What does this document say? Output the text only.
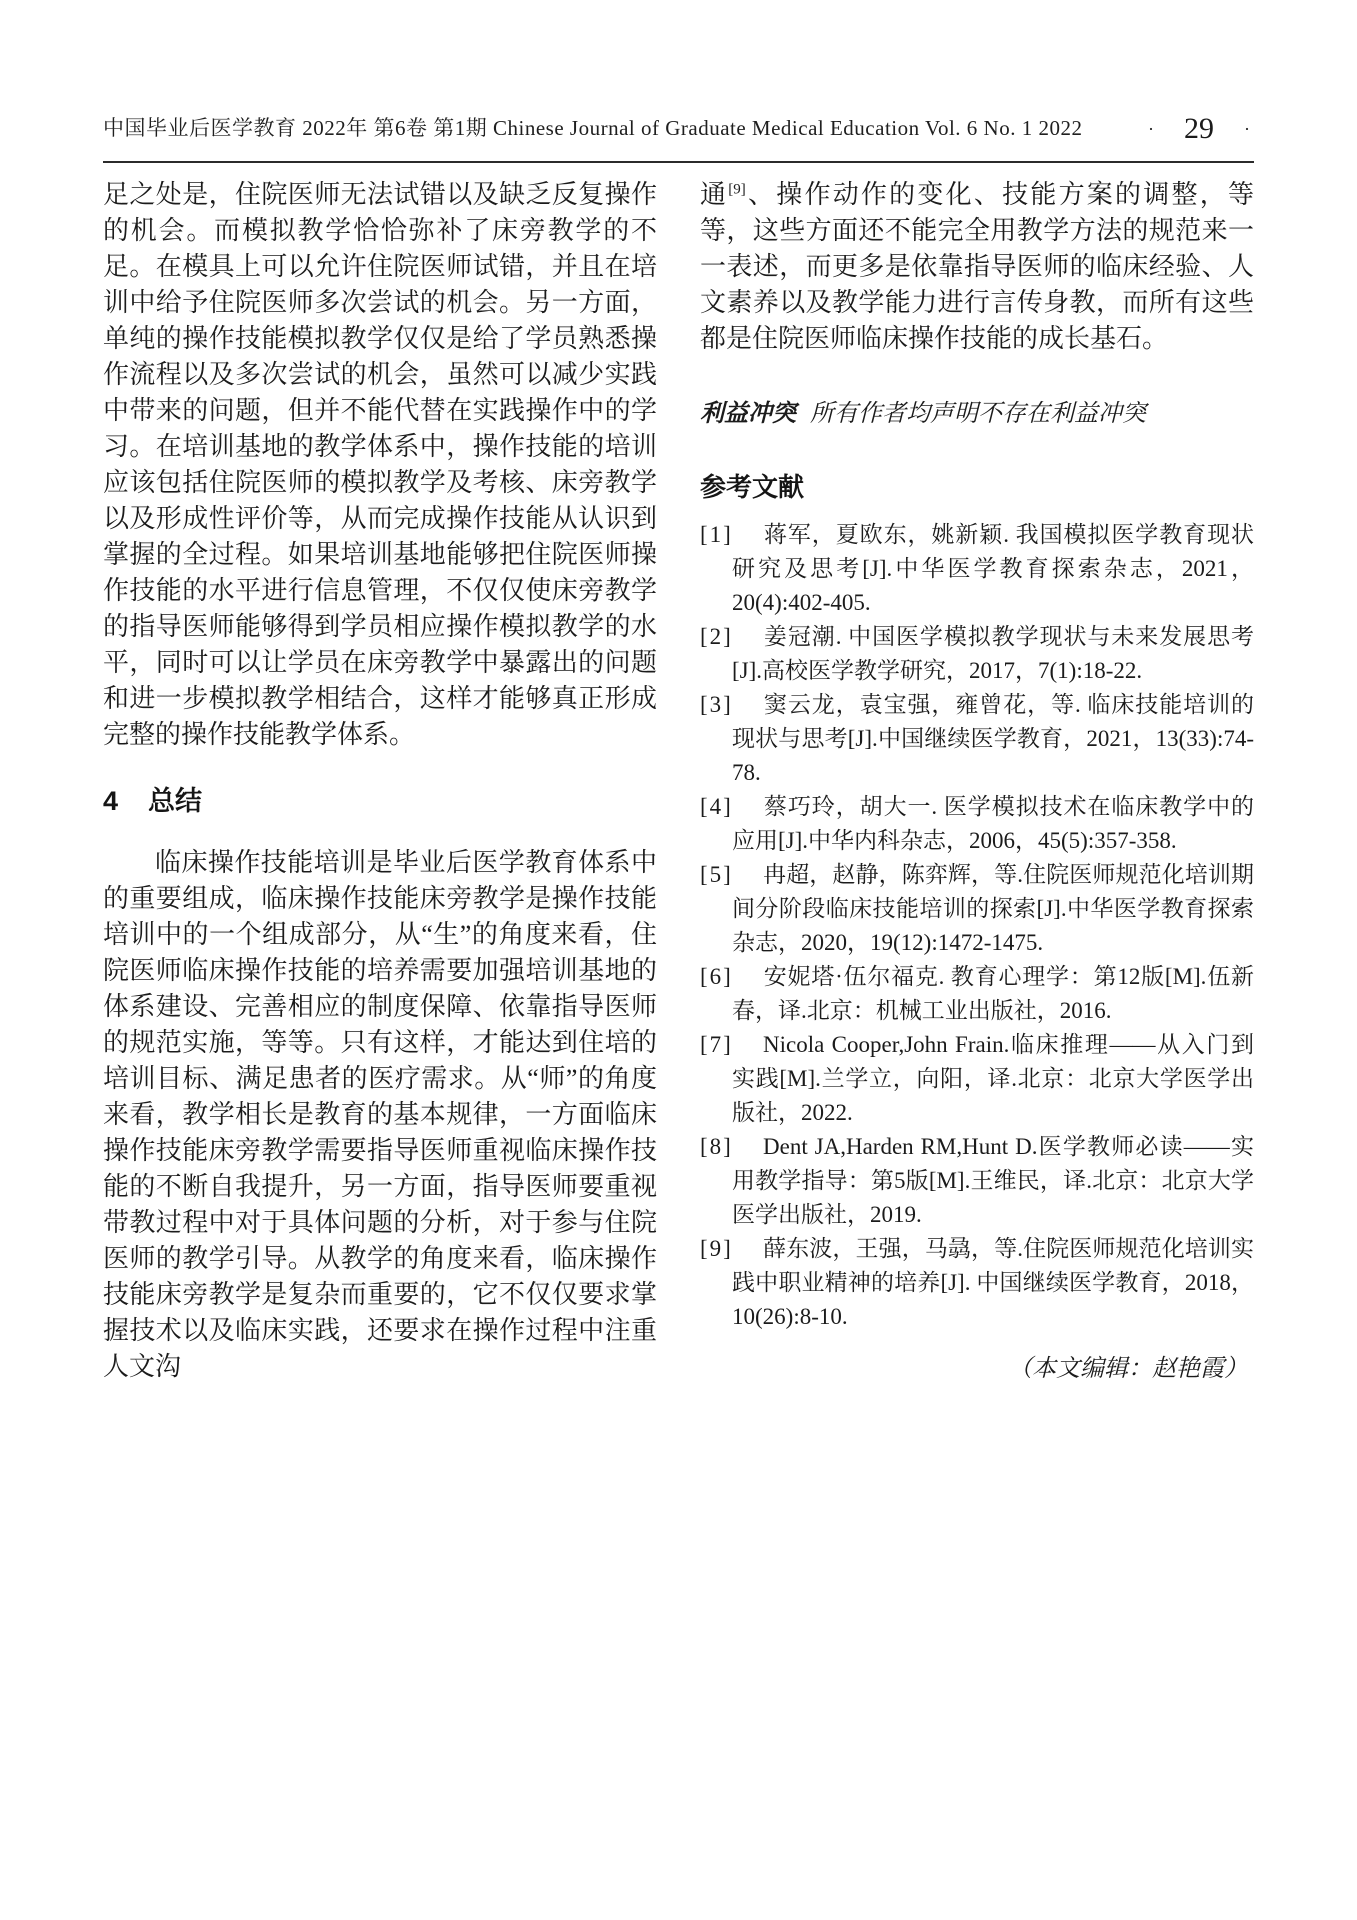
中国毕业后医学教育 2022年 第6卷 第1期 Chinese Journal of Graduate Medical Education Vol. 6 No. 1 2022	· 29 ·

足之处是，住院医师无法试错以及缺乏反复操作的机会。而模拟教学恰恰弥补了床旁教学的不足。在模具上可以允许住院医师试错，并且在培训中给予住院医师多次尝试的机会。另一方面，单纯的操作技能模拟教学仅仅是给了学员熟悉操作流程以及多次尝试的机会，虽然可以减少实践中带来的问题，但并不能代替在实践操作中的学习。在培训基地的教学体系中，操作技能的培训应该包括住院医师的模拟教学及考核、床旁教学以及形成性评价等，从而完成操作技能从认识到掌握的全过程。如果培训基地能够把住院医师操作技能的水平进行信息管理，不仅仅使床旁教学的指导医师能够得到学员相应操作模拟教学的水平，同时可以让学员在床旁教学中暴露出的问题和进一步模拟教学相结合，这样才能够真正形成完整的操作技能教学体系。

4 总结

临床操作技能培训是毕业后医学教育体系中的重要组成，临床操作技能床旁教学是操作技能培训中的一个组成部分，从“生”的角度来看，住院医师临床操作技能的培养需要加强培训基地的体系建设、完善相应的制度保障、依靠指导医师的规范实施，等等。只有这样，才能达到住培的培训目标、满足患者的医疗需求。从“师”的角度来看，教学相长是教育的基本规律，一方面临床操作技能床旁教学需要指导医师重视临床操作技能的不断自我提升，另一方面，指导医师要重视带教过程中对于具体问题的分析，对于参与住院医师的教学引导。从教学的角度来看，临床操作技能床旁教学是复杂而重要的，它不仅仅要求掌握技术以及临床实践，还要求在操作过程中注重人文沟

通[9]、操作动作的变化、技能方案的调整，等等，这些方面还不能完全用教学方法的规范来一一表述，而更多是依靠指导医师的临床经验、人文素养以及教学能力进行言传身教，而所有这些都是住院医师临床操作技能的成长基石。

利益冲突 所有作者均声明不存在利益冲突

参考文献

[1] 蒋军，夏欧东，姚新颖. 我国模拟医学教育现状研究及思考[J].中华医学教育探索杂志，2021，20(4):402-405.

[2] 姜冠潮. 中国医学模拟教学现状与未来发展思考[J].高校医学教学研究，2017，7(1):18-22.

[3] 窦云龙，袁宝强，雍曾花，等. 临床技能培训的现状与思考[J].中国继续医学教育，2021，13(33):74-78.

[4] 蔡巧玲，胡大一. 医学模拟技术在临床教学中的应用[J].中华内科杂志，2006，45(5):357-358.

[5] 冉超，赵静，陈弈辉，等.住院医师规范化培训期间分阶段临床技能培训的探索[J].中华医学教育探索杂志，2020，19(12):1472-1475.

[6] 安妮塔·伍尔福克. 教育心理学：第12版[M].伍新春，译.北京：机械工业出版社，2016.

[7] Nicola Cooper,John Frain.临床推理——从入门到实践[M].兰学立，向阳，译.北京：北京大学医学出版社，2022.

[8] Dent JA,Harden RM,Hunt D.医学教师必读——实用教学指导：第5版[M].王维民，译.北京：北京大学医学出版社，2019.

[9] 薛东波，王强，马骉，等.住院医师规范化培训实践中职业精神的培养[J]. 中国继续医学教育，2018，10(26):8-10.

（本文编辑：赵艳霞）
